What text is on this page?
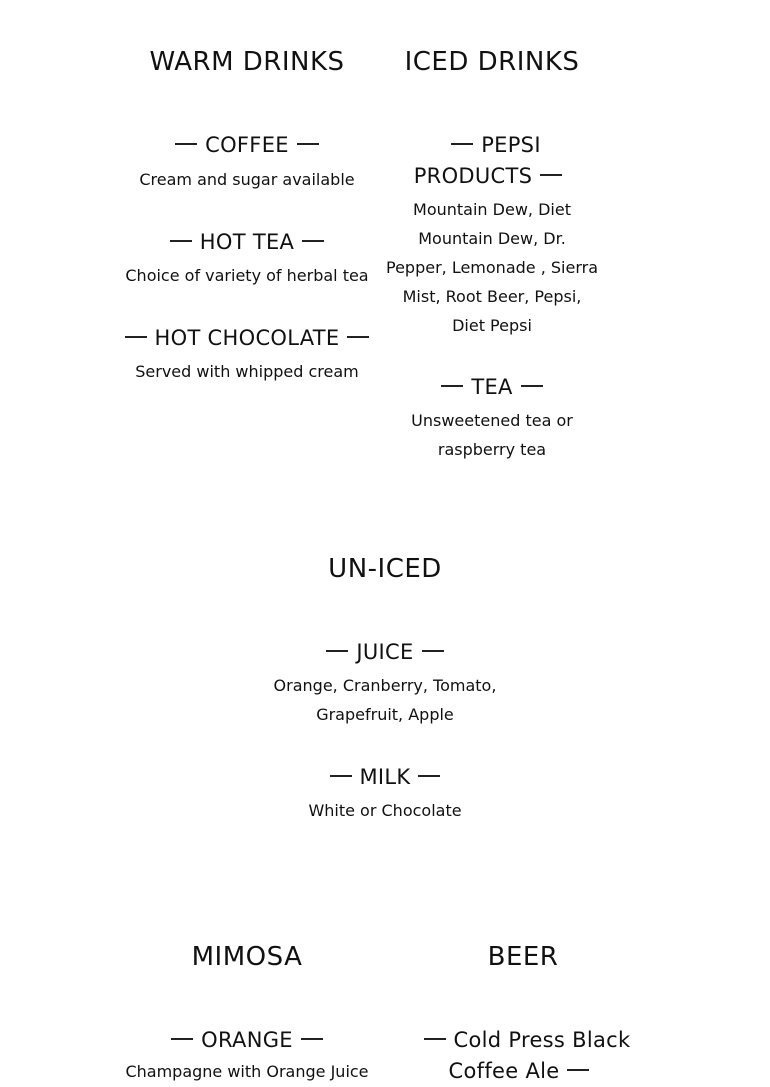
WARM DRINKS
COFFEE

Cream and sugar available

HOT TEA

Choice of variety of herbal tea

HOT CHOCOLATE

Served with whipped cream

ICED DRINKS
PEPSI PRODUCTS

Mountain Dew, Diet Mountain Dew, Dr. Pepper, Lemonade , Sierra Mist, Root Beer, Pepsi, Diet Pepsi

TEA

Unsweetened tea or raspberry tea

UN-ICED
JUICE

Orange, Cranberry, Tomato, Grapefruit, Apple

MILK

White or Chocolate

MIMOSA
ORANGE

Champagne with Orange Juice

BEER
Cold Press Black Coffee Ale
